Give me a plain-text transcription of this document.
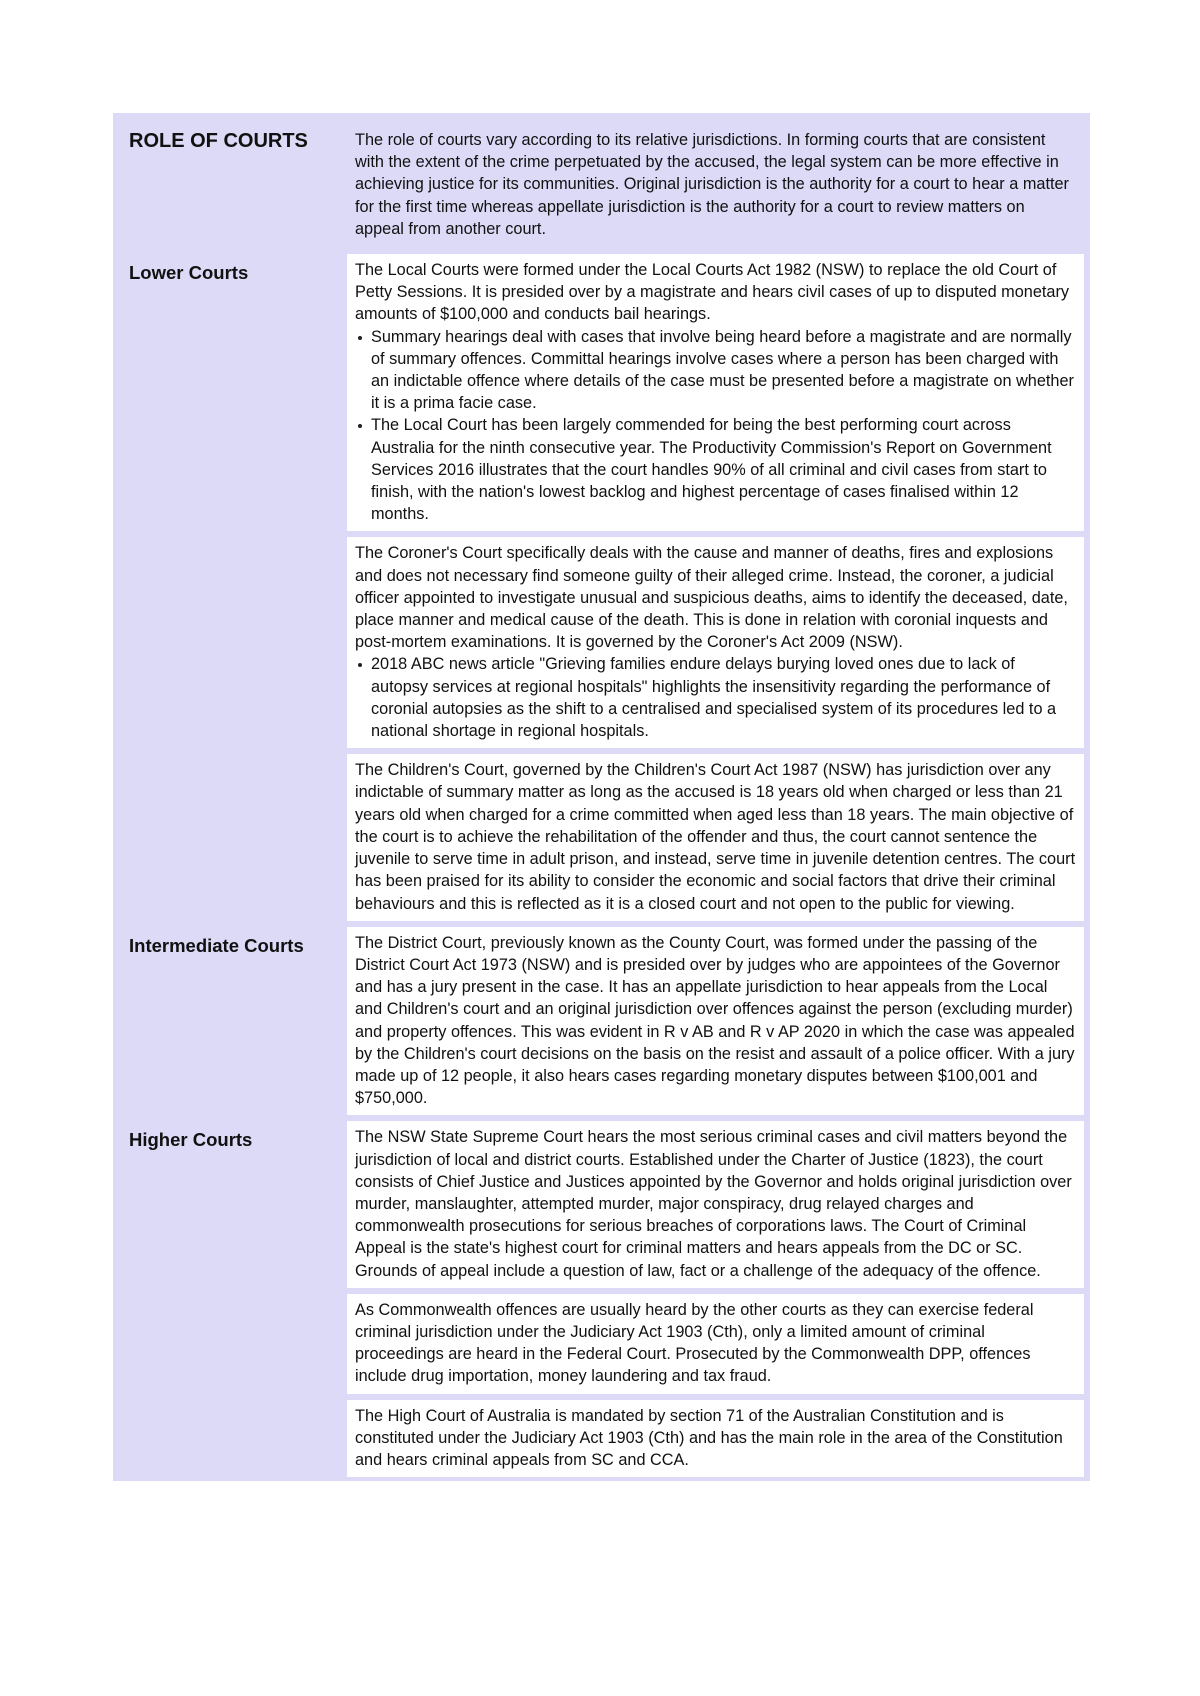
ROLE OF COURTS	The role of courts vary according to its relative jurisdictions. In forming courts that are consistent with the extent of the crime perpetuated by the accused, the legal system can be more effective in achieving justice for its communities. Original jurisdiction is the authority for a court to hear a matter for the first time whereas appellate jurisdiction is the authority for a court to review matters on appeal from another court.

Lower Courts	The Local Courts were formed under the Local Courts Act 1982 (NSW) to replace the old Court of Petty Sessions. It is presided over by a magistrate and hears civil cases of up to disputed monetary amounts of $100,000 and conducts bail hearings.

Summary hearings deal with cases that involve being heard before a magistrate and are normally of summary offences. Committal hearings involve cases where a person has been charged with an indictable offence where details of the case must be presented before a magistrate on whether it is a prima facie case.
The Local Court has been largely commended for being the best performing court across Australia for the ninth consecutive year. The Productivity Commission's Report on Government Services 2016 illustrates that the court handles 90% of all criminal and civil cases from start to finish, with the nation's lowest backlog and highest percentage of cases finalised within 12 months.

The Coroner's Court specifically deals with the cause and manner of deaths, fires and explosions and does not necessary find someone guilty of their alleged crime. Instead, the coroner, a judicial officer appointed to investigate unusual and suspicious deaths, aims to identify the deceased, date, place manner and medical cause of the death. This is done in relation with coronial inquests and post-mortem examinations. It is governed by the Coroner's Act 2009 (NSW).

2018 ABC news article "Grieving families endure delays burying loved ones due to lack of autopsy services at regional hospitals" highlights the insensitivity regarding the performance of coronial autopsies as the shift to a centralised and specialised system of its procedures led to a national shortage in regional hospitals.

The Children's Court, governed by the Children's Court Act 1987 (NSW) has jurisdiction over any indictable of summary matter as long as the accused is 18 years old when charged or less than 21 years old when charged for a crime committed when aged less than 18 years. The main objective of the court is to achieve the rehabilitation of the offender and thus, the court cannot sentence the juvenile to serve time in adult prison, and instead, serve time in juvenile detention centres. The court has been praised for its ability to consider the economic and social factors that drive their criminal behaviours and this is reflected as it is a closed court and not open to the public for viewing.

Intermediate Courts	The District Court, previously known as the County Court, was formed under the passing of the District Court Act 1973 (NSW) and is presided over by judges who are appointees of the Governor and has a jury present in the case. It has an appellate jurisdiction to hear appeals from the Local and Children's court and an original jurisdiction over offences against the person (excluding murder) and property offences. This was evident in R v AB and R v AP 2020 in which the case was appealed by the Children's court decisions on the basis on the resist and assault of a police officer. With a jury made up of 12 people, it also hears cases regarding monetary disputes between $100,001 and $750,000.

Higher Courts	The NSW State Supreme Court hears the most serious criminal cases and civil matters beyond the jurisdiction of local and district courts. Established under the Charter of Justice (1823), the court consists of Chief Justice and Justices appointed by the Governor and holds original jurisdiction over murder, manslaughter, attempted murder, major conspiracy, drug relayed charges and commonwealth prosecutions for serious breaches of corporations laws. The Court of Criminal Appeal is the state's highest court for criminal matters and hears appeals from the DC or SC. Grounds of appeal include a question of law, fact or a challenge of the adequacy of the offence.

As Commonwealth offences are usually heard by the other courts as they can exercise federal criminal jurisdiction under the Judiciary Act 1903 (Cth), only a limited amount of criminal proceedings are heard in the Federal Court. Prosecuted by the Commonwealth DPP, offences include drug importation, money laundering and tax fraud.

The High Court of Australia is mandated by section 71 of the Australian Constitution and is constituted under the Judiciary Act 1903 (Cth) and has the main role in the area of the Constitution and hears criminal appeals from SC and CCA.
